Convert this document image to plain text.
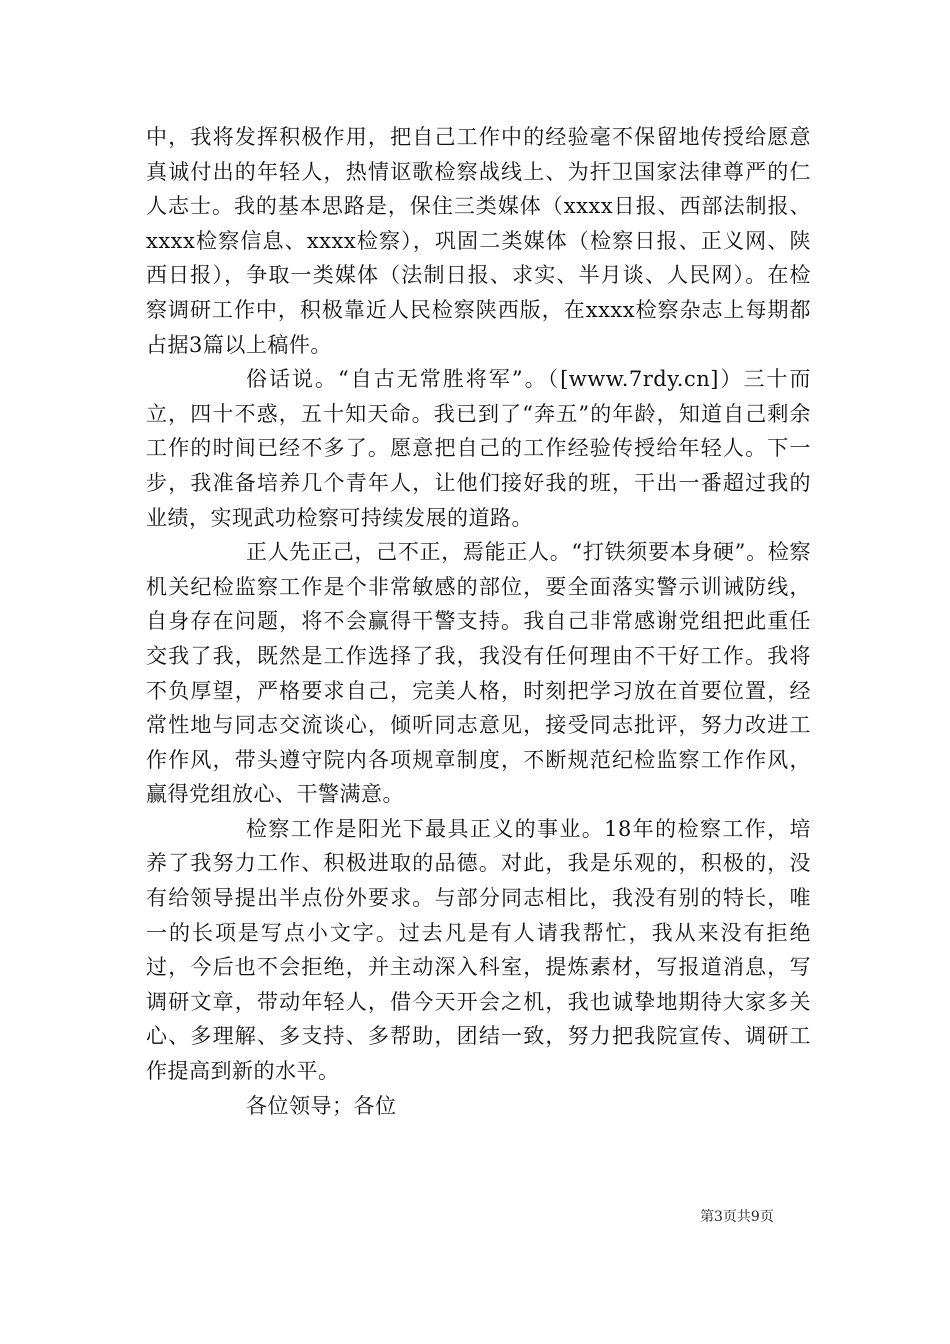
中，我将发挥积极作用，把自己工作中的经验毫不保留地传授给愿意真诚付出的年轻人，热情讴歌检察战线上、为扞卫国家法律尊严的仁人志士。我的基本思路是，保住三类媒体（xxxx日报、西部法制报、xxxx检察信息、xxxx检察），巩固二类媒体（检察日报、正义网、陕西日报），争取一类媒体（法制日报、求实、半月谈、人民网）。在检察调研工作中，积极靠近人民检察陕西版，在xxxx检察杂志上每期都占据3篇以上稿件。

俗话说。“自古无常胜将军”。（[www.7rdy.cn]）三十而立，四十不惑，五十知天命。我已到了“奔五”的年龄，知道自己剩余工作的时间已经不多了。愿意把自己的工作经验传授给年轻人。下一步，我准备培养几个青年人，让他们接好我的班，干出一番超过我的业绩，实现武功检察可持续发展的道路。

正人先正己，己不正，焉能正人。“打铁须要本身硬”。检察机关纪检监察工作是个非常敏感的部位，要全面落实警示训诫防线，自身存在问题，将不会赢得干警支持。我自己非常感谢党组把此重任交我了我，既然是工作选择了我，我没有任何理由不干好工作。我将不负厚望，严格要求自己，完美人格，时刻把学习放在首要位置，经常性地与同志交流谈心，倾听同志意见，接受同志批评，努力改进工作作风，带头遵守院内各项规章制度，不断规范纪检监察工作作风，赢得党组放心、干警满意。

检察工作是阳光下最具正义的事业。18年的检察工作，培养了我努力工作、积极进取的品德。对此，我是乐观的，积极的，没有给领导提出半点份外要求。与部分同志相比，我没有别的特长，唯一的长项是写点小文字。过去凡是有人请我帮忙，我从来没有拒绝过，今后也不会拒绝，并主动深入科室，提炼素材，写报道消息，写调研文章，带动年轻人，借今天开会之机，我也诚挚地期待大家多关心、多理解、多支持、多帮助，团结一致，努力把我院宣传、调研工作提高到新的水平。

各位领导；各位

第3页共9页
